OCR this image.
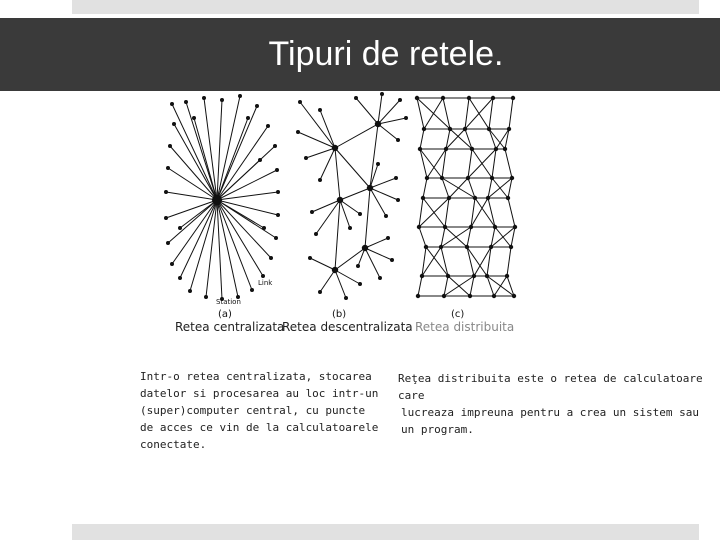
Tipuri de retele.
Link
Station
(a)	(b)	(c)
Retea centralizata
Retea descentralizata Retea distribuita
Intr-o retea centralizata, stocarea
datelor si procesarea au loc intr-un
(super)computer central, cu puncte
de acces ce vin de la calculatoarele
conectate.
Reţea distribuita este o retea de calculatoare care
lucreaza impreuna pentru a crea un sistem sau
un program.
